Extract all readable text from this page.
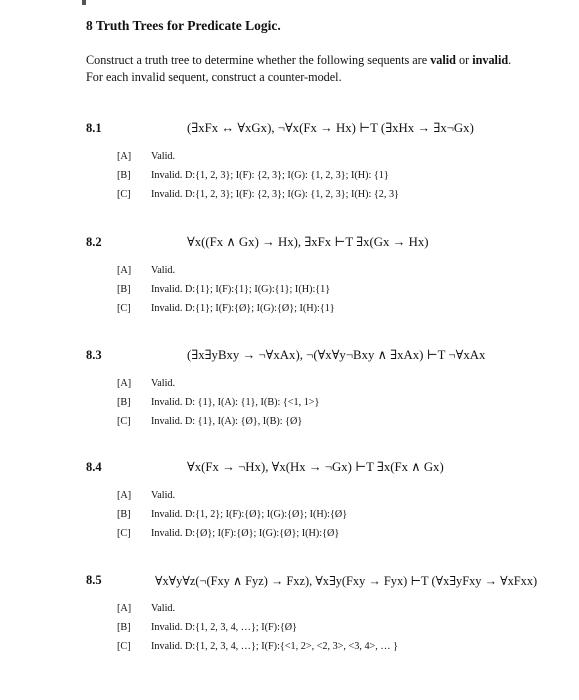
8 Truth Trees for Predicate Logic.
Construct a truth tree to determine whether the following sequents are valid or invalid. For each invalid sequent, construct a counter-model.
8.1	(∃xFx ↔ ∀xGx), ¬∀x(Fx → Hx) ⊢T (∃xHx → ∃x¬Gx)
[A] Valid.
[B] Invalid. D:{1, 2, 3}; I(F): {2, 3}; I(G): {1, 2, 3}; I(H): {1}
[C] Invalid. D:{1, 2, 3}; I(F): {2, 3}; I(G): {1, 2, 3}; I(H): {2, 3}
8.2	∀x((Fx ∧ Gx) → Hx), ∃xFx ⊢T ∃x(Gx → Hx)
[A] Valid.
[B] Invalid. D:{1}; I(F):{1}; I(G):{1}; I(H):{1}
[C] Invalid. D:{1}; I(F):{Ø}; I(G):{Ø}; I(H):{1}
8.3	(∃x∃yBxy → ¬∀xAx), ¬(∀x∀y¬Bxy ∧ ∃xAx) ⊢T ¬∀xAx
[A] Valid.
[B] Invalid. D: {1}, I(A): {1}, I(B): {<1, 1>}
[C] Invalid. D: {1}, I(A): {Ø}, I(B): {Ø}
8.4	∀x(Fx → ¬Hx), ∀x(Hx → ¬Gx) ⊢T ∃x(Fx ∧ Gx)
[A] Valid.
[B] Invalid. D:{1, 2}; I(F):{Ø}; I(G):{Ø}; I(H):{Ø}
[C] Invalid. D:{Ø}; I(F):{Ø}; I(G):{Ø}; I(H):{Ø}
8.5	∀x∀y∀z(¬(Fxy ∧ Fyz) → Fxz), ∀x∃y(Fxy → Fyx) ⊢T (∀x∃yFxy → ∀xFxx)
[A] Valid.
[B] Invalid. D:{1, 2, 3, 4, …}; I(F):{Ø}
[C] Invalid. D:{1, 2, 3, 4, …}; I(F):{<1, 2>, <2, 3>, <3, 4>, … }
